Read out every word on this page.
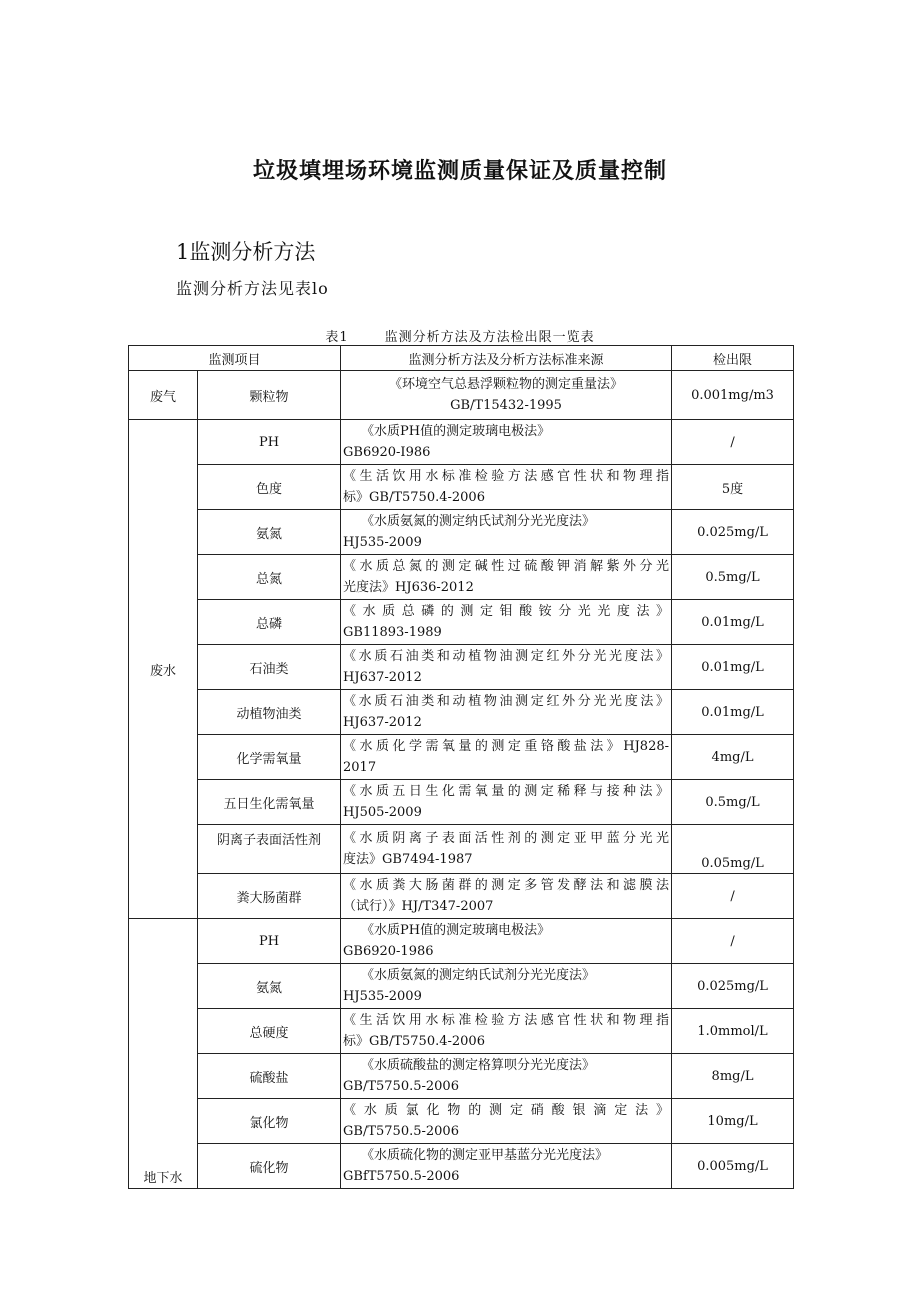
垃圾填埋场环境监测质量保证及质量控制
1监测分析方法
监测分析方法见表lo
表1	监测分析方法及方法检出限一览表
监测项目		监测分析方法及分析方法标准来源	检出限
废气	颗粒物	《环境空气总悬浮颗粒物的测定重量法》
GB/T15432-1995	0.001mg∕m3
废水	PH	《水质PH值的测定玻璃电极法》
GB6920-I986	/
	色度	《生活饮用水标准检验方法感官性状和物理指
标》GB/T5750.4-2006	5度
	氨氮	《水质氨氮的测定纳氏试剂分光光度法》
HJ535-2009	0.025mg∕L
	总氮	《水质总氮的测定碱性过硫酸钾消解紫外分光
光度法》HJ636-2012	0.5mg∕L
	总磷	《水质总磷的测定钼酸铵分光光度法》
GB11893-1989	0.01mg∕L
	石油类	《水质石油类和动植物油测定红外分光光度法》
HJ637-2012	0.01mg∕L
	动植物油类	《水质石油类和动植物油测定红外分光光度法》
HJ637-2012	0.01mg∕L
	化学需氧量	《水质化学需氧量的测定重铬酸盐法》HJ828-
2017	4mg∕L
	五日生化需氧量	《水质五日生化需氧量的测定稀释与接种法》
HJ505-2009	0.5mg∕L
	阴离子表面活性剂	《水质阴离子表面活性剂的测定亚甲蓝分光光
度法》GB7494-1987	0.05mg∕L
	粪大肠菌群	《水质粪大肠菌群的测定多管发酵法和滤膜法
（试行）》HJ/T347-2007	/
地下水	PH	《水质PH值的测定玻璃电极法》
GB6920-1986	/
	氨氮	《水质氨氮的测定纳氏试剂分光光度法》
HJ535-2009	0.025mg∕L
	总硬度	《生活饮用水标准检验方法感官性状和物理指
标》GB/T5750.4-2006	1.0mmol/L
	硫酸盐	《水质硫酸盐的测定格算呗分光光度法》
GB/T5750.5-2006	8mg∕L
	氯化物	《水质氯化物的测定硝酸银滴定法》
GB/T5750.5-2006	10mg∕L
	硫化物	《水质硫化物的测定亚甲基蓝分光光度法》
GBfT5750.5-2006	0.005mg∕L
